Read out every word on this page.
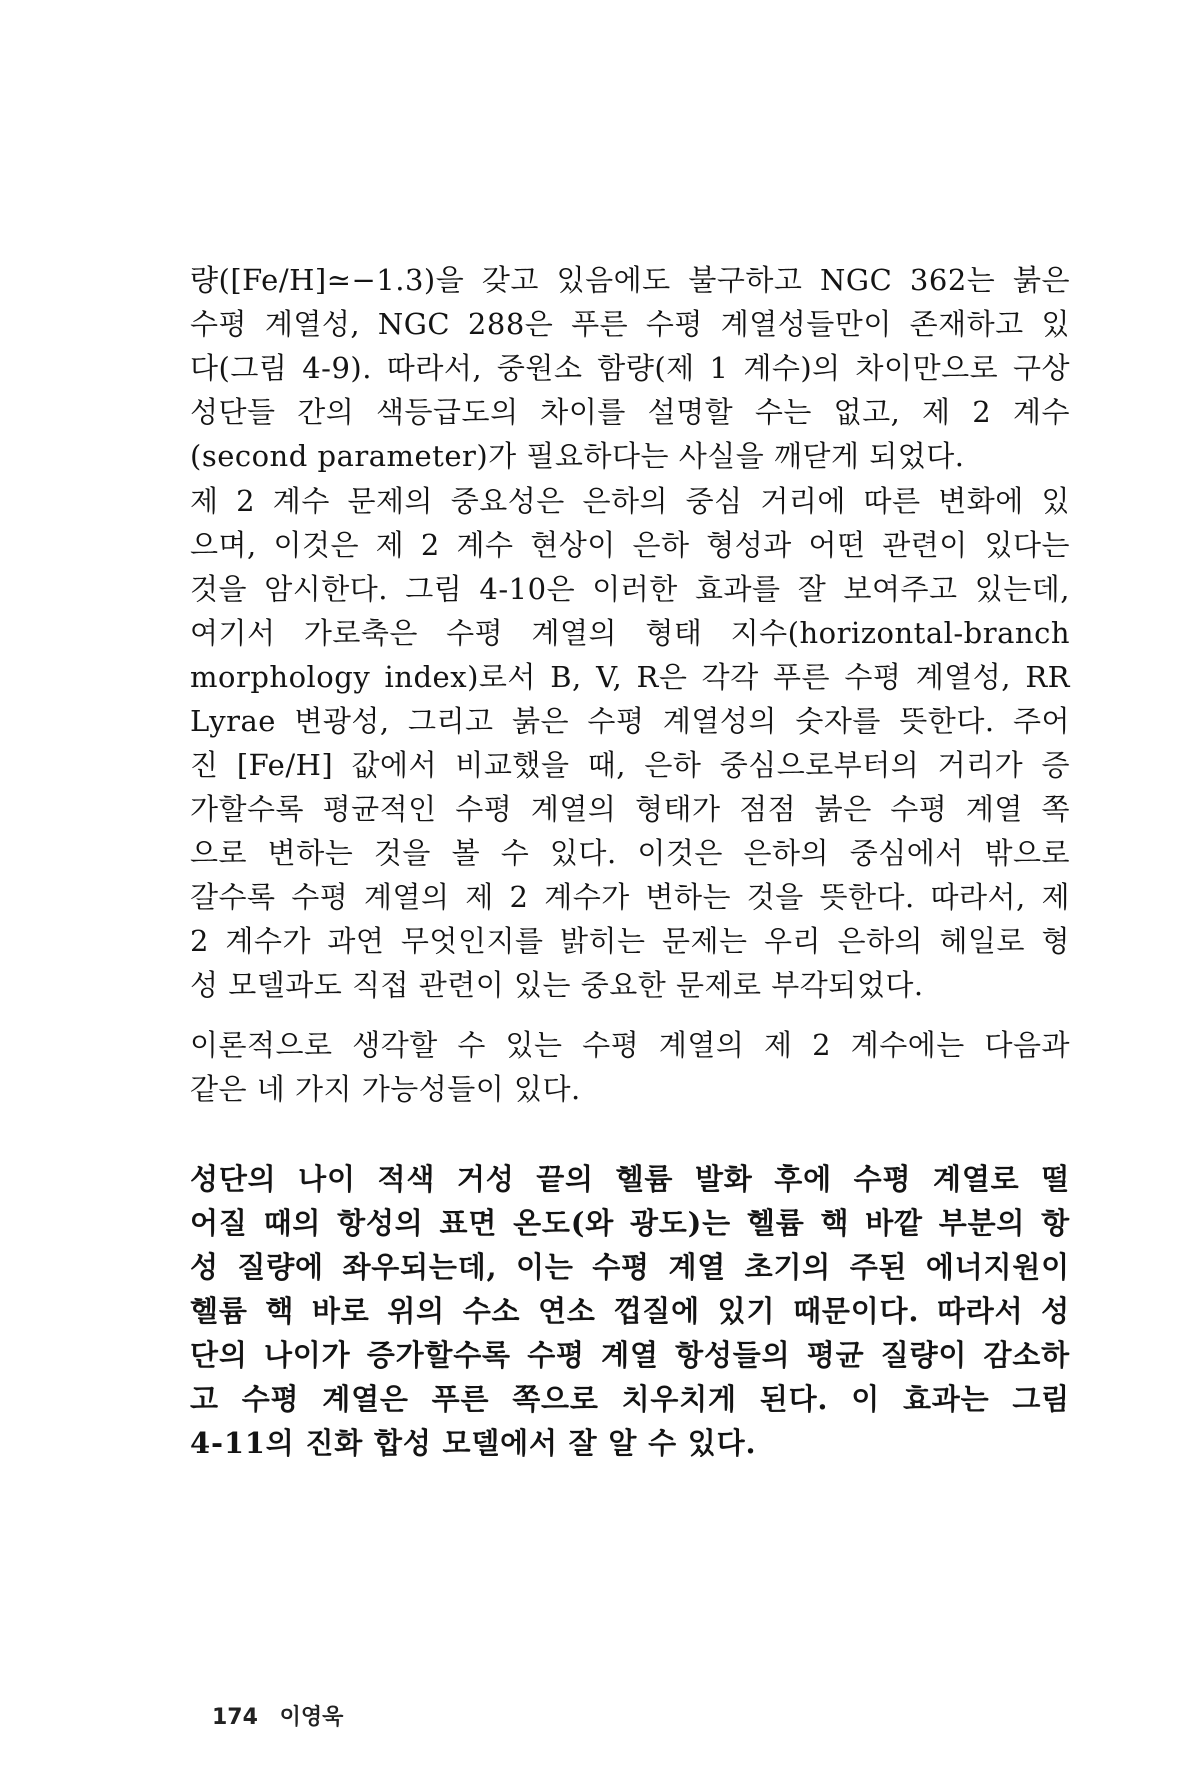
량([Fe/H]≃−1.3)을 갖고 있음에도 불구하고 NGC 362는 붉은
수평 계열성, NGC 288은 푸른 수평 계열성들만이 존재하고 있
다(그림 4-9). 따라서, 중원소 함량(제 1 계수)의 차이만으로 구상
성단들 간의 색등급도의 차이를 설명할 수는 없고, 제 2 계수
(second parameter)가 필요하다는 사실을 깨닫게 되었다.
제 2 계수 문제의 중요성은 은하의 중심 거리에 따른 변화에 있
으며, 이것은 제 2 계수 현상이 은하 형성과 어떤 관련이 있다는
것을 암시한다. 그림 4-10은 이러한 효과를 잘 보여주고 있는데,
여기서 가로축은 수평 계열의 형태 지수(horizontal-branch
morphology index)로서 B, V, R은 각각 푸른 수평 계열성, RR
Lyrae 변광성, 그리고 붉은 수평 계열성의 숫자를 뜻한다. 주어
진 [Fe/H] 값에서 비교했을 때, 은하 중심으로부터의 거리가 증
가할수록 평균적인 수평 계열의 형태가 점점 붉은 수평 계열 쪽
으로 변하는 것을 볼 수 있다. 이것은 은하의 중심에서 밖으로
갈수록 수평 계열의 제 2 계수가 변하는 것을 뜻한다. 따라서, 제
2 계수가 과연 무엇인지를 밝히는 문제는 우리 은하의 헤일로 형
성 모델과도 직접 관련이 있는 중요한 문제로 부각되었다.
이론적으로 생각할 수 있는 수평 계열의 제 2 계수에는 다음과
같은 네 가지 가능성들이 있다.
성단의 나이 적색 거성 끝의 헬륨 발화 후에 수평 계열로 떨
어질 때의 항성의 표면 온도(와 광도)는 헬륨 핵 바깥 부분의 항
성 질량에 좌우되는데, 이는 수평 계열 초기의 주된 에너지원이
헬륨 핵 바로 위의 수소 연소 껍질에 있기 때문이다. 따라서 성
단의 나이가 증가할수록 수평 계열 항성들의 평균 질량이 감소하
고 수평 계열은 푸른 쪽으로 치우치게 된다. 이 효과는 그림
4-11의 진화 합성 모델에서 잘 알 수 있다.
174 이영욱
